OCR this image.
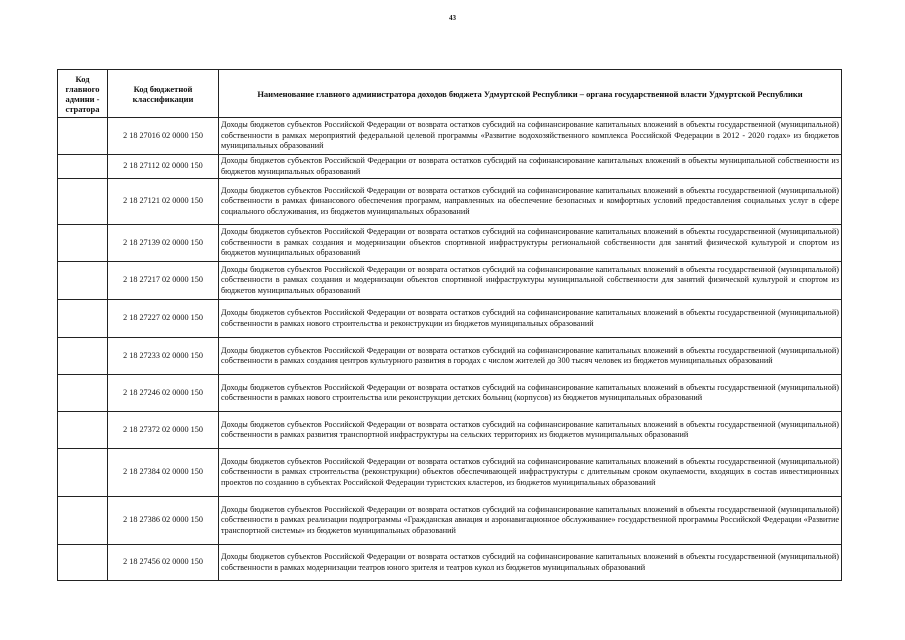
43
Код главного админи - стратора	Код бюджетной классификации	Наименование главного администратора доходов бюджета Удмуртской Республики – органа государственной власти Удмуртской Республики
	2 18 27016 02 0000 150	Доходы бюджетов субъектов Российской Федерации от возврата остатков субсидий на софинансирование капитальных вложений в объекты государственной (муниципальной) собственности в рамках мероприятий федеральной целевой программы «Развитие водохозяйственного комплекса Российской Федерации в 2012 - 2020 годах» из бюджетов муниципальных образований
	2 18 27112 02 0000 150	Доходы бюджетов субъектов Российской Федерации от возврата остатков субсидий на софинансирование капитальных вложений в объекты муниципальной собственности из бюджетов муниципальных образований
	2 18 27121 02 0000 150	Доходы бюджетов субъектов Российской Федерации от возврата остатков субсидий на софинансирование капитальных вложений в объекты государственной (муниципальной) собственности в рамках финансового обеспечения программ, направленных на обеспечение безопасных и комфортных условий предоставления социальных услуг в сфере социального обслуживания, из бюджетов муниципальных образований
	2 18 27139 02 0000 150	Доходы бюджетов субъектов Российской Федерации от возврата остатков субсидий на софинансирование капитальных вложений в объекты государственной (муниципальной) собственности в рамках создания и модернизации объектов спортивной инфраструктуры региональной собственности для занятий физической культурой и спортом из бюджетов муниципальных образований
	2 18 27217 02 0000 150	Доходы бюджетов субъектов Российской Федерации от возврата остатков субсидий на софинансирование капитальных вложений в объекты государственной (муниципальной) собственности в рамках создания и модернизации объектов спортивной инфраструктуры муниципальной собственности для занятий физической культурой и спортом из бюджетов муниципальных образований
	2 18 27227 02 0000 150	Доходы бюджетов субъектов Российской Федерации от возврата остатков субсидий на софинансирование капитальных вложений в объекты государственной (муниципальной) собственности в рамках нового строительства и реконструкции из бюджетов муниципальных образований
	2 18 27233 02 0000 150	Доходы бюджетов субъектов Российской Федерации от возврата остатков субсидий на софинансирование капитальных вложений в объекты государственной (муниципальной) собственности в рамках создания центров культурного развития в городах с числом жителей до 300 тысяч человек из бюджетов муниципальных образований
	2 18 27246 02 0000 150	Доходы бюджетов субъектов Российской Федерации от возврата остатков субсидий на софинансирование капитальных вложений в объекты государственной (муниципальной) собственности в рамках нового строительства или реконструкции детских больниц (корпусов) из бюджетов муниципальных образований
	2 18 27372 02 0000 150	Доходы бюджетов субъектов Российской Федерации от возврата остатков субсидий на софинансирование капитальных вложений в объекты государственной (муниципальной) собственности в рамках развития транспортной инфраструктуры на сельских территориях из бюджетов муниципальных образований
	2 18 27384 02 0000 150	Доходы бюджетов субъектов Российской Федерации от возврата остатков субсидий на софинансирование капитальных вложений в объекты государственной (муниципальной) собственности в рамках строительства (реконструкции) объектов обеспечивающей инфраструктуры с длительным сроком окупаемости, входящих в состав инвестиционных проектов по созданию в субъектах Российской Федерации туристских кластеров, из бюджетов муниципальных образований
	2 18 27386 02 0000 150	Доходы бюджетов субъектов Российской Федерации от возврата остатков субсидий на софинансирование капитальных вложений в объекты государственной (муниципальной) собственности в рамках реализации подпрограммы «Гражданская авиация и аэронавигационное обслуживание» государственной программы Российской Федерации «Развитие транспортной системы» из бюджетов муниципальных образований
	2 18 27456 02 0000 150	Доходы бюджетов субъектов Российской Федерации от возврата остатков субсидий на софинансирование капитальных вложений в объекты государственной (муниципальной) собственности в рамках модернизации театров юного зрителя и театров кукол из бюджетов муниципальных образований
